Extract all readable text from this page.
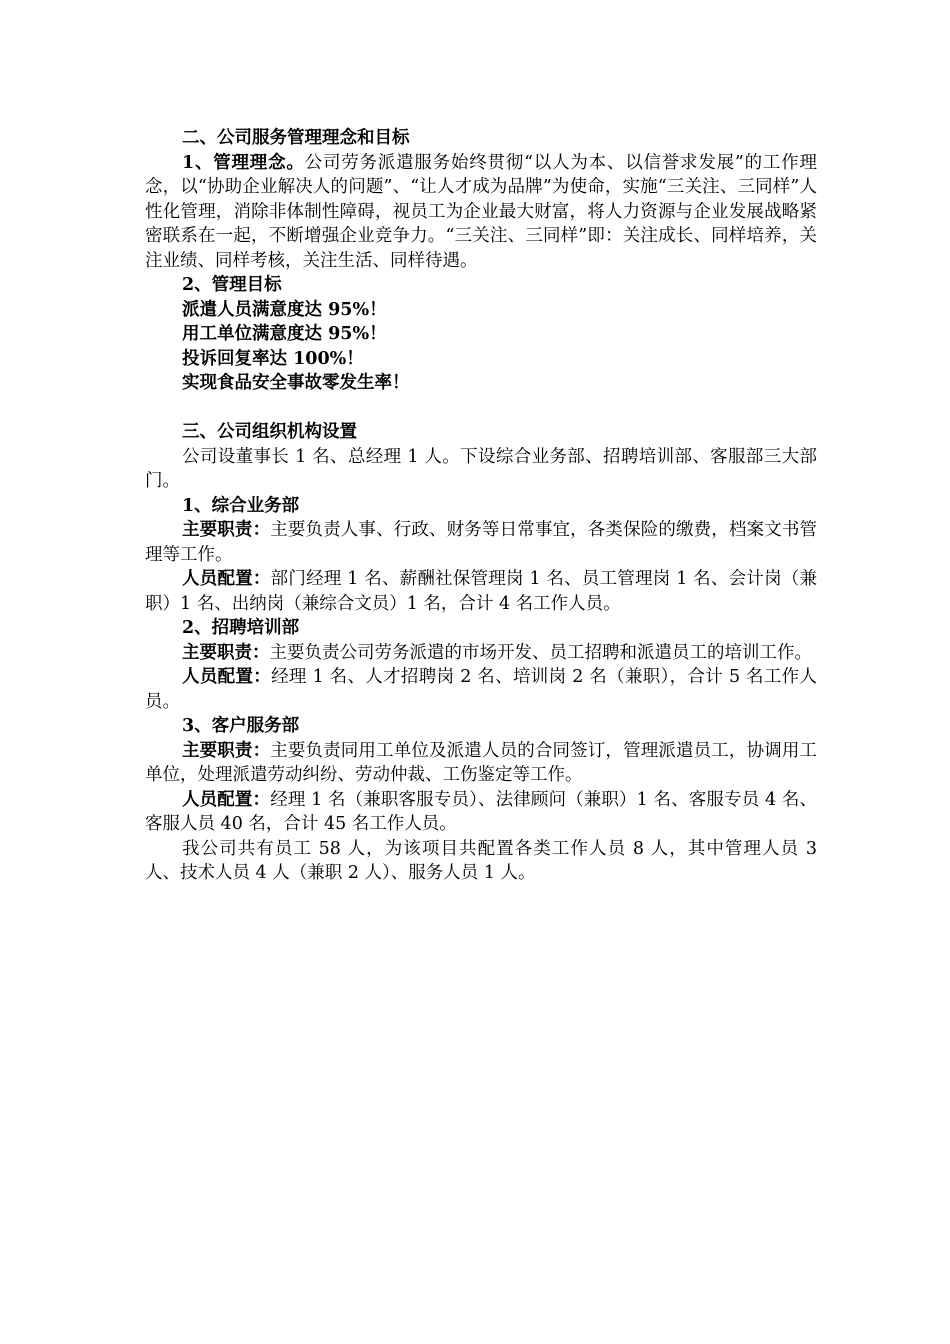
二、公司服务管理理念和目标

1、管理理念。公司劳务派遣服务始终贯彻“以人为本、以信誉求发展”的工作理念，以“协助企业解决人的问题”、“让人才成为品牌”为使命，实施“三关注、三同样”人性化管理，消除非体制性障碍，视员工为企业最大财富，将人力资源与企业发展战略紧密联系在一起，不断增强企业竞争力。“三关注、三同样”即：关注成长、同样培养，关注业绩、同样考核，关注生活、同样待遇。

2、管理目标

派遣人员满意度达 95%！

用工单位满意度达 95%！

投诉回复率达 100%！

实现食品安全事故零发生率！

三、公司组织机构设置

公司设董事长 1 名、总经理 1 人。下设综合业务部、招聘培训部、客服部三大部门。

1、综合业务部

主要职责：主要负责人事、行政、财务等日常事宜，各类保险的缴费，档案文书管理等工作。

人员配置：部门经理 1 名、薪酬社保管理岗 1 名、员工管理岗 1 名、会计岗（兼职）1 名、出纳岗（兼综合文员）1 名，合计 4 名工作人员。

2、招聘培训部

主要职责：主要负责公司劳务派遣的市场开发、员工招聘和派遣员工的培训工作。

人员配置：经理 1 名、人才招聘岗 2 名、培训岗 2 名（兼职），合计 5 名工作人员。

3、客户服务部

主要职责：主要负责同用工单位及派遣人员的合同签订，管理派遣员工，协调用工单位，处理派遣劳动纠纷、劳动仲裁、工伤鉴定等工作。

人员配置：经理 1 名（兼职客服专员）、法律顾问（兼职）1 名、客服专员 4 名、客服人员 40 名，合计 45 名工作人员。

我公司共有员工 58 人，为该项目共配置各类工作人员 8 人，其中管理人员 3 人、技术人员 4 人（兼职 2 人）、服务人员 1 人。
